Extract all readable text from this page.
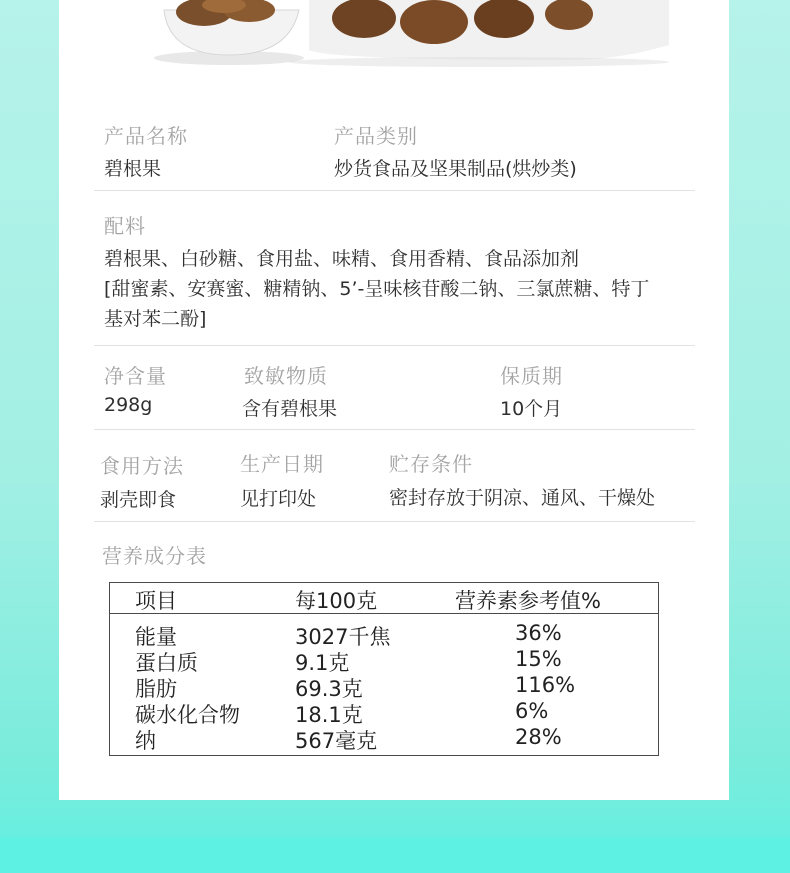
产品名称
碧根果
产品类别
炒货食品及坚果制品(烘炒类)
配料
碧根果、白砂糖、食用盐、味精、食用香精、食品添加剂
[甜蜜素、安赛蜜、糖精钠、5’-呈味核苷酸二钠、三氯蔗糖、特丁
基对苯二酚]
净含量
298g
致敏物质
含有碧根果
保质期
10个月
食用方法
剥壳即食
生产日期
见打印处
贮存条件
密封存放于阴凉、通风、干燥处
营养成分表
项目	每100克	营养素参考值%
能量	3027千焦	36%
蛋白质	9.1克	15%
脂肪	69.3克	116%
碳水化合物	18.1克	6%
纳	567毫克	28%
